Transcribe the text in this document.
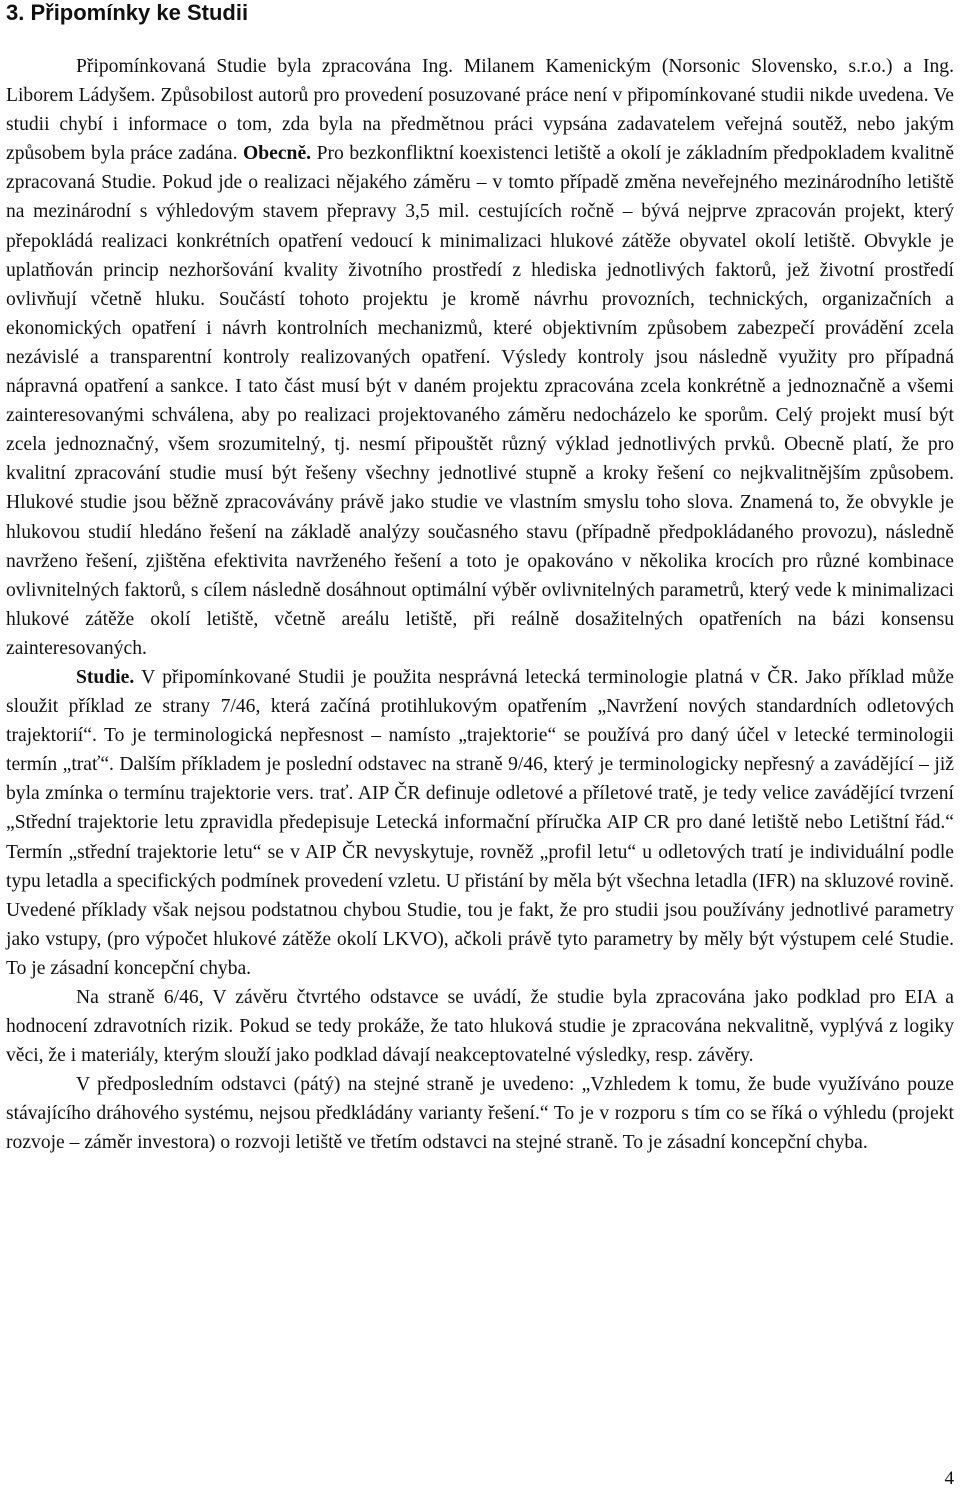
3. Připomínky ke Studii

Připomínkovaná Studie byla zpracována Ing. Milanem Kamenickým (Norsonic Slovensko, s.r.o.) a Ing. Liborem Ládyšem. Způsobilost autorů pro provedení posuzované práce není v připomínkované studii nikde uvedena. Ve studii chybí i informace o tom, zda byla na předmětnou práci vypsána zadavatelem veřejná soutěž, nebo jakým způsobem byla práce zadána. Obecně. Pro bezkonfliktní koexistenci letiště a okolí je základním předpokladem kvalitně zpracovaná Studie. Pokud jde o realizaci nějakého záměru – v tomto případě změna neveřejného mezinárodního letiště na mezinárodní s výhledovým stavem přepravy 3,5 mil. cestujících ročně – bývá nejprve zpracován projekt, který přepokládá realizaci konkrétních opatření vedoucí k minimalizaci hlukové zátěže obyvatel okolí letiště. Obvykle je uplatňován princip nezhoršování kvality životního prostředí z hlediska jednotlivých faktorů, jež životní prostředí ovlivňují včetně hluku. Součástí tohoto projektu je kromě návrhu provozních, technických, organizačních a ekonomických opatření i návrh kontrolních mechanizmů, které objektivním způsobem zabezpečí provádění zcela nezávislé a transparentní kontroly realizovaných opatření. Výsledy kontroly jsou následně využity pro případná nápravná opatření a sankce. I tato část musí být v daném projektu zpracována zcela konkrétně a jednoznačně a všemi zainteresovanými schválena, aby po realizaci projektovaného záměru nedocházelo ke sporům. Celý projekt musí být zcela jednoznačný, všem srozumitelný, tj. nesmí připouštět různý výklad jednotlivých prvků. Obecně platí, že pro kvalitní zpracování studie musí být řešeny všechny jednotlivé stupně a kroky řešení co nejkvalitnějším způsobem. Hlukové studie jsou běžně zpracovávány právě jako studie ve vlastním smyslu toho slova. Znamená to, že obvykle je hlukovou studií hledáno řešení na základě analýzy současného stavu (případně předpokládaného provozu), následně navrženo řešení, zjištěna efektivita navrženého řešení a toto je opakováno v několika krocích pro různé kombinace ovlivnitelných faktorů, s cílem následně dosáhnout optimální výběr ovlivnitelných parametrů, který vede k minimalizaci hlukové zátěže okolí letiště, včetně areálu letiště, při reálně dosažitelných opatřeních na bázi konsensu zainteresovaných.

Studie. V připomínkované Studii je použita nesprávná letecká terminologie platná v ČR. Jako příklad může sloužit příklad ze strany 7/46, která začíná protihlukovým opatřením „Navržení nových standardních odletových trajektorií“. To je terminologická nepřesnost – namísto „trajektorie“ se používá pro daný účel v letecké terminologii termín „trať“. Dalším příkladem je poslední odstavec na straně 9/46, který je terminologicky nepřesný a zavádějící – již byla zmínka o termínu trajektorie vers. trať. AIP ČR definuje odletové a příletové tratě, je tedy velice zavádějící tvrzení „Střední trajektorie letu zpravidla předepisuje Letecká informační příručka AIP CR pro dané letiště nebo Letištní řád.“ Termín „střední trajektorie letu“ se v AIP ČR nevyskytuje, rovněž „profil letu“ u odletových tratí je individuální podle typu letadla a specifických podmínek provedení vzletu. U přistání by měla být všechna letadla (IFR) na skluzové rovině. Uvedené příklady však nejsou podstatnou chybou Studie, tou je fakt, že pro studii jsou používány jednotlivé parametry jako vstupy, (pro výpočet hlukové zátěže okolí LKVO), ačkoli právě tyto parametry by měly být výstupem celé Studie. To je zásadní koncepční chyba.

Na straně 6/46, V závěru čtvrtého odstavce se uvádí, že studie byla zpracována jako podklad pro EIA a hodnocení zdravotních rizik. Pokud se tedy prokáže, že tato hluková studie je zpracována nekvalitně, vyplývá z logiky věci, že i materiály, kterým slouží jako podklad dávají neakceptovatelné výsledky, resp. závěry.

V předposledním odstavci (pátý) na stejné straně je uvedeno: „Vzhledem k tomu, že bude využíváno pouze stávajícího dráhového systému, nejsou předkládány varianty řešení.“ To je v rozporu s tím co se říká o výhledu (projekt rozvoje – záměr investora) o rozvoji letiště ve třetím odstavci na stejné straně. To je zásadní koncepční chyba.

4
